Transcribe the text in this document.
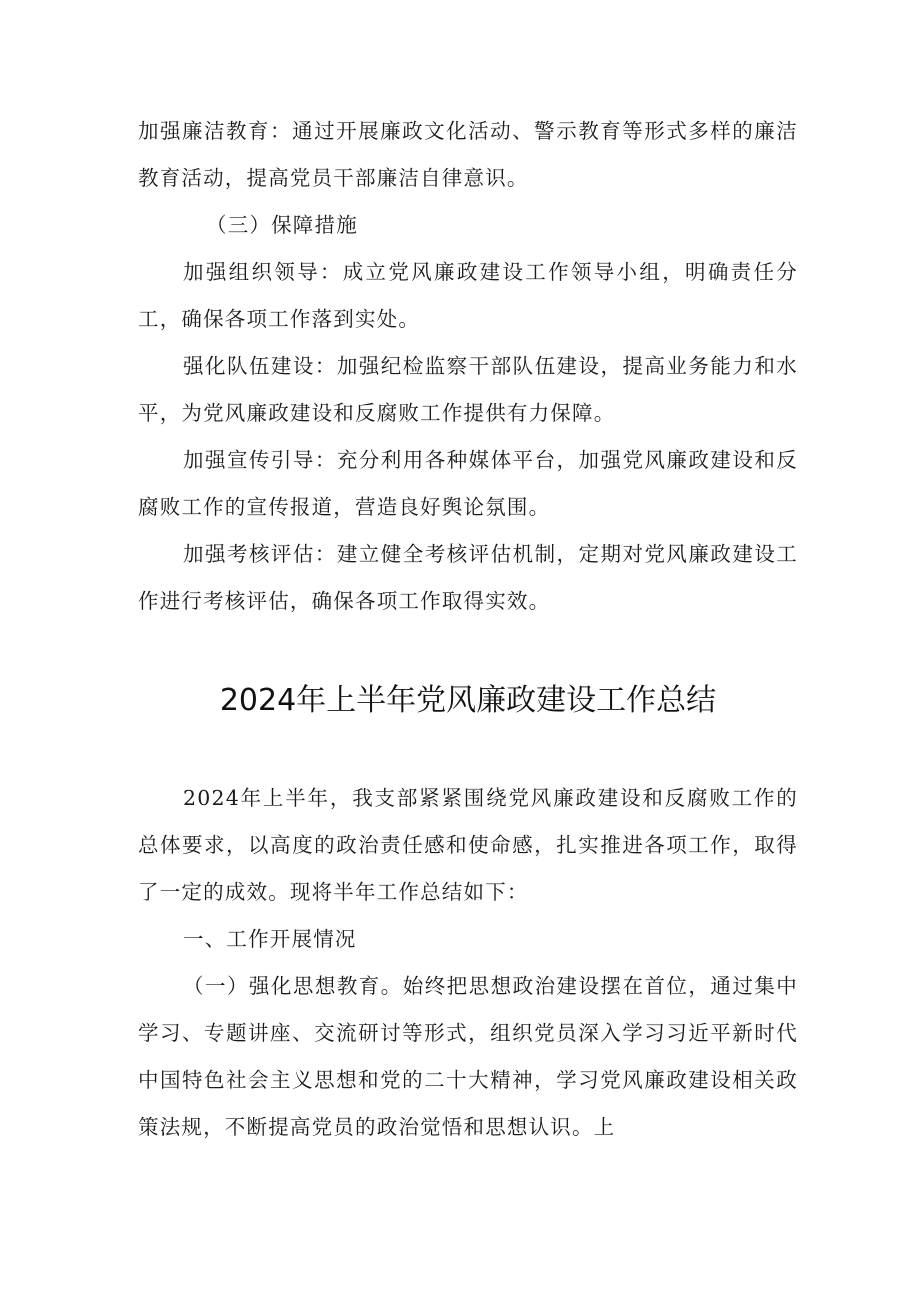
加强廉洁教育：通过开展廉政文化活动、警示教育等形式多样的廉洁教育活动，提高党员干部廉洁自律意识。

（三）保障措施

加强组织领导：成立党风廉政建设工作领导小组，明确责任分工，确保各项工作落到实处。

强化队伍建设：加强纪检监察干部队伍建设，提高业务能力和水平，为党风廉政建设和反腐败工作提供有力保障。

加强宣传引导：充分利用各种媒体平台，加强党风廉政建设和反腐败工作的宣传报道，营造良好舆论氛围。

加强考核评估：建立健全考核评估机制，定期对党风廉政建设工作进行考核评估，确保各项工作取得实效。

2024年上半年党风廉政建设工作总结

2024年上半年，我支部紧紧围绕党风廉政建设和反腐败工作的总体要求，以高度的政治责任感和使命感，扎实推进各项工作，取得了一定的成效。现将半年工作总结如下：

一、工作开展情况

（一）强化思想教育。始终把思想政治建设摆在首位，通过集中学习、专题讲座、交流研讨等形式，组织党员深入学习习近平新时代中国特色社会主义思想和党的二十大精神，学习党风廉政建设相关政策法规，不断提高党员的政治觉悟和思想认识。上
